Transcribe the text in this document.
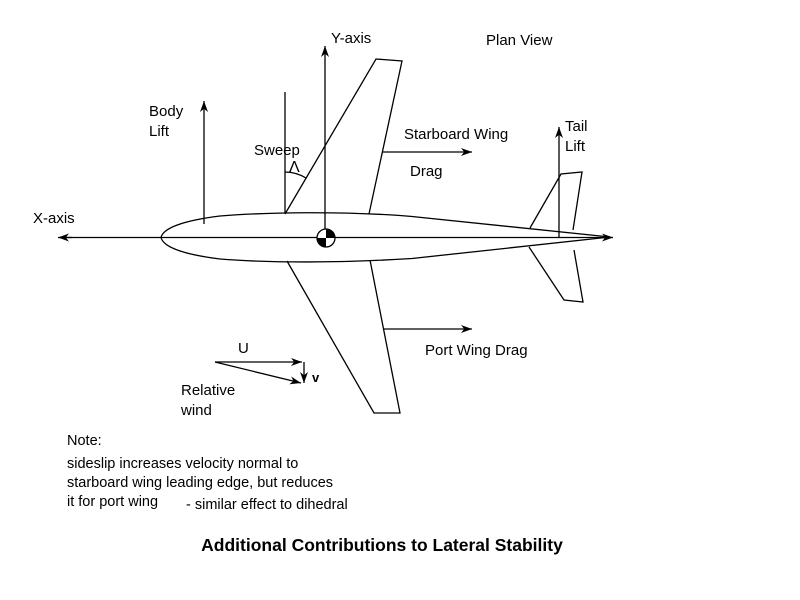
Y-axis	Plan View
Body
Lift
Sweep
Λ
Starboard Wing
Drag
Tail
Lift
X-axis
U
v
Relative
wind
Port Wing Drag
Note:
sideslip increases velocity normal to
starboard wing leading edge, but reduces
it for port wing - similar effect to dihedral
Additional Contributions to Lateral Stability
